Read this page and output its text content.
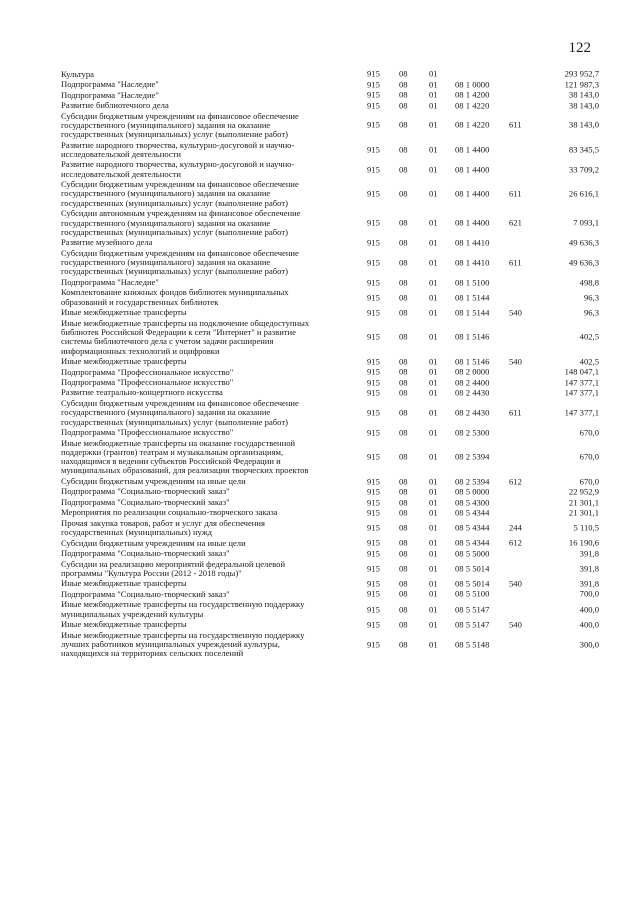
122
Культура	915 08 01	293 952,7
Подпрограмма "Наследие"	915 08 01 08 1 0000	121 987,3
Подпрограмма "Наследие"	915 08 01 08 1 4200	38 143,0
Развитие библиотечного дела	915 08 01 08 1 4220	38 143,0
Субсидии бюджетным учреждениям на финансовое обеспечение
государственного (муниципального) задания на оказание
государственных (муниципальных) услуг (выполнение работ)
915 08 01 08 1 4220 611	38 143,0
Развитие народного творчества, культурно-досуговой и научно-
исследовательской деятельности	915 08 01 08 1 4400	83 345,5
Развитие народного творчества, культурно-досуговой и научно-
исследовательской деятельности	915 08 01 08 1 4400	33 709,2
Субсидии бюджетным учреждениям на финансовое обеспечение
государственного (муниципального) задания на оказание
государственных (муниципальных) услуг (выполнение работ)
915 08 01 08 1 4400 611	26 616,1
Субсидии автономным учреждениям на финансовое обеспечение
государственного (муниципального) задания на оказание
государственных (муниципальных) услуг (выполнение работ)
915 08 01 08 1 4400 621	7 093,1
Развитие музейного дела	915 08 01 08 1 4410	49 636,3
Субсидии бюджетным учреждениям на финансовое обеспечение
государственного (муниципального) задания на оказание
государственных (муниципальных) услуг (выполнение работ)
915 08 01 08 1 4410 611	49 636,3
Подпрограмма "Наследие"	915 08 01 08 1 5100	498,8
Комплектование книжных фондов библиотек муниципальных
образований и государственных библиотек	915 08 01 08 1 5144	96,3
Иные межбюджетные трансферты	915 08 01 08 1 5144 540	96,3
Иные межбюджетные трансферты на подключение общедоступных
библиотек Российской Федерации к сети "Интернет" и развитие
системы библиотечного дела с учетом задачи расширения
информационных технологий и оцифровки
915 08 01 08 1 5146	402,5
Иные межбюджетные трансферты	915 08 01 08 1 5146 540	402,5
Подпрограмма "Профессиональное искусство"	915 08 01 08 2 0000	148 047,1
Подпрограмма "Профессиональное искусство"	915 08 01 08 2 4400	147 377,1
Развитие театрально-концертного искусства	915 08 01 08 2 4430	147 377,1
Субсидии бюджетным учреждениям на финансовое обеспечение
государственного (муниципального) задания на оказание
государственных (муниципальных) услуг (выполнение работ)
915 08 01 08 2 4430 611	147 377,1
Подпрограмма "Профессиональное искусство"	915 08 01 08 2 5300	670,0
Иные межбюджетные трансферты на оказание государственной
поддержки (грантов) театрам и музыкальным организациям,
находящимся в ведении субъектов Российской Федерации и
муниципальных образований, для реализации творческих проектов
915 08 01 08 2 5394	670,0
Субсидии бюджетным учреждениям на иные цели	915 08 01 08 2 5394 612	670,0
Подпрограмма "Социально-творческий заказ"	915 08 01 08 5 0000	22 952,9
Подпрограмма "Социально-творческий заказ"	915 08 01 08 5 4300	21 301,1
Мероприятия по реализации социально-творческого заказа	915 08 01 08 5 4344	21 301,1
Прочая закупка товаров, работ и услуг для обеспечения
государственных (муниципальных) нужд	915 08 01 08 5 4344 244	5 110,5
Субсидии бюджетным учреждениям на иные цели	915 08 01 08 5 4344 612	16 190,6
Подпрограмма "Социально-творческий заказ"	915 08 01 08 5 5000	391,8
Субсидии на реализацию мероприятий федеральной целевой
программы "Культура России (2012 - 2018 годы)"	915 08 01 08 5 5014	391,8
Иные межбюджетные трансферты	915 08 01 08 5 5014 540	391,8
Подпрограмма "Социально-творческий заказ"	915 08 01 08 5 5100	700,0
Иные межбюджетные трансферты на государственную поддержку
муниципальных учреждений культуры	915 08 01 08 5 5147	400,0
Иные межбюджетные трансферты	915 08 01 08 5 5147 540	400,0
Иные межбюджетные трансферты на государственную поддержку
лучших работников муниципальных учреждений культуры,
находящихся на территориях сельских поселений
915 08 01 08 5 5148	300,0
